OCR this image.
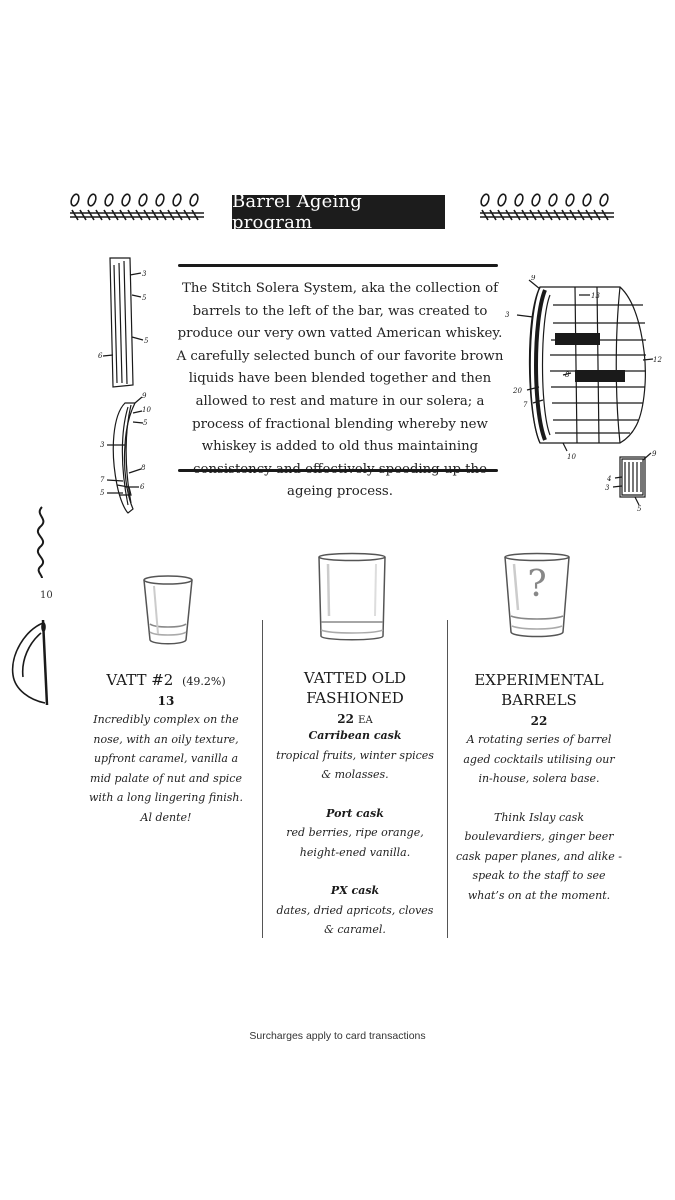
Barrel Ageing program
The Stitch Solera System, aka the collection of barrels to the left of the bar, was created to produce our very own vatted American whiskey. A carefully selected bunch of our favorite brown liquids have been blended together and then allowed to rest and mature in our solera; a process of fractional blending whereby new whiskey is added to old thus maintaining ageing process.
3
5
5
6
9
10
5
3
8
7
6
5
3
9
13
12
20
7
8
10	9
4
3
5
10	?
VATT #2 (49.2%)
13
Incredibly complex on the nose, with an oily texture, upfront caramel, vanilla a mid palate of nut and spice with a long lingering finish. Al dente!
VATTED OLD FASHIONED
22 EA
Carribean cask
tropical fruits, winter spices & molasses.
Port cask
red berries, ripe orange, height-ened vanilla.
PX cask
dates, dried apricots, cloves & caramel.
EXPERIMENTAL BARRELS
22
A rotating series of barrel aged cocktails utilising our in-house, solera base.
Think Islay cask boulevardiers, ginger beer cask paper planes, and alike - speak to the staff to see what’s on at the moment.
Surcharges apply to card transactions
